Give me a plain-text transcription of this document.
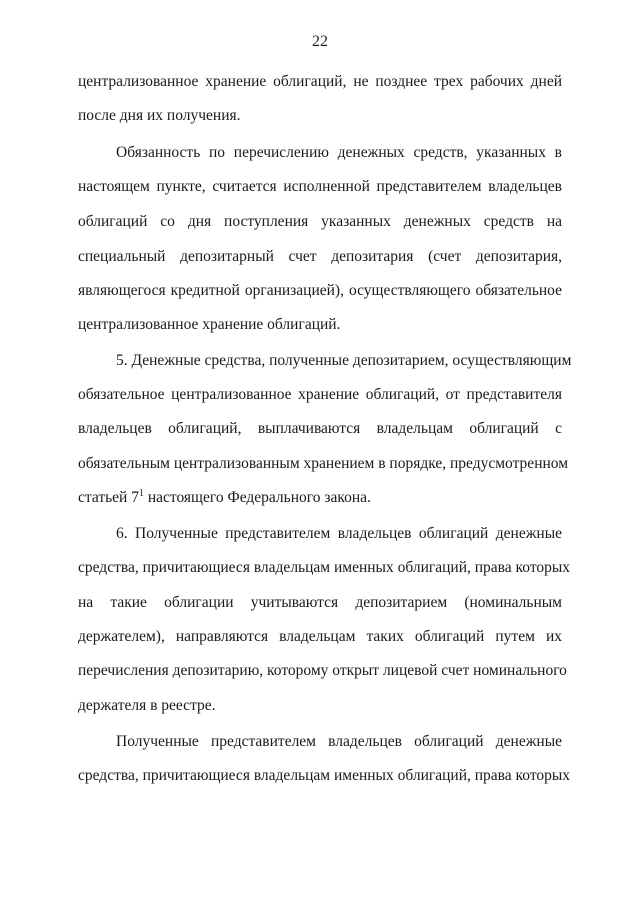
22
централизованное хранение облигаций, не позднее трех рабочих дней
после дня их получения.
Обязанность по перечислению денежных средств, указанных в
настоящем пункте, считается исполненной представителем владельцев
облигаций со дня поступления указанных денежных средств на
специальный депозитарный счет депозитария (счет депозитария,
являющегося кредитной организацией), осуществляющего обязательное
централизованное хранение облигаций.
5. Денежные средства, полученные депозитарием, осуществляющим
обязательное централизованное хранение облигаций, от представителя
владельцев облигаций, выплачиваются владельцам облигаций с
обязательным централизованным хранением в порядке, предусмотренном
статьей $7^1$ настоящего Федерального закона.
6. Полученные представителем владельцев облигаций денежные
средства, причитающиеся владельцам именных облигаций, права которых
на такие облигации учитываются депозитарием (номинальным
держателем), направляются владельцам таких облигаций путем их
перечисления депозитарию, которому открыт лицевой счет номинального
держателя в реестре.
Полученные представителем владельцев облигаций денежные
средства, причитающиеся владельцам именных облигаций, права которых
